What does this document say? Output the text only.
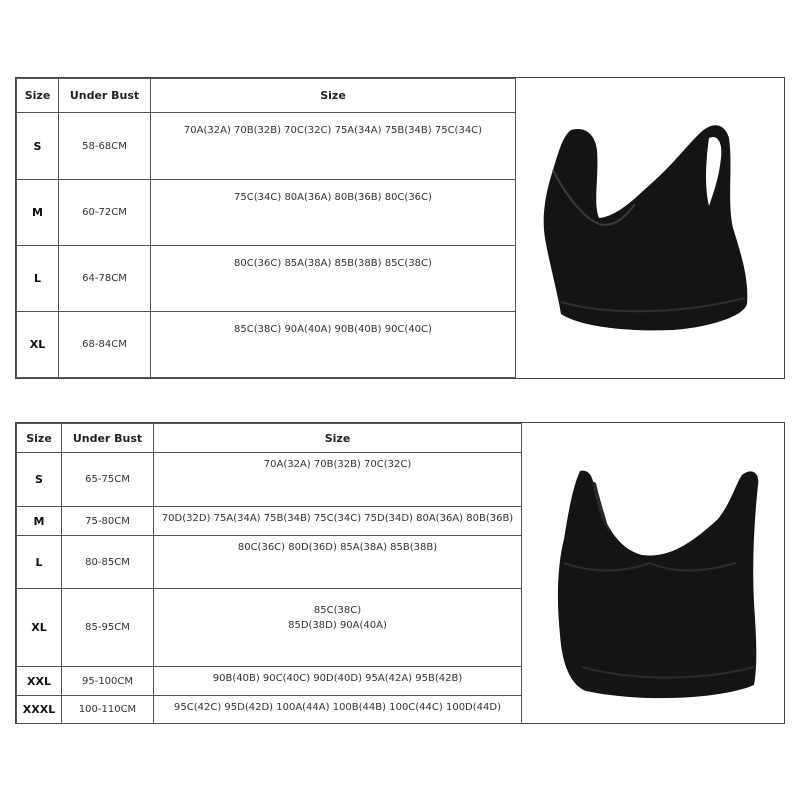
Size	Under Bust	Size
S	58-68CM	70A(32A) 70B(32B) 70C(32C) 75A(34A) 75B(34B) 75C(34C)

M	60-72CM	75C(34C) 80A(36A) 80B(36B) 80C(36C)

L	64-78CM	80C(36C) 85A(38A) 85B(38B) 85C(38C)

XL	68-84CM	85C(38C) 90A(40A) 90B(40B) 90C(40C)
Size	Under Bust	Size
S	65-75CM	70A(32A) 70B(32B) 70C(32C)

M	75-80CM	70D(32D) 75A(34A) 75B(34B) 75C(34C) 75D(34D) 80A(36A) 80B(36B)

L	80-85CM	80C(36C) 80D(36D) 85A(38A) 85B(38B)

XL	85-95CM	85C(38C)
85D(38D) 90A(40A)

XXL	95-100CM	90B(40B) 90C(40C) 90D(40D) 95A(42A) 95B(42B)

XXXL	100-110CM	95C(42C) 95D(42D) 100A(44A) 100B(44B) 100C(44C) 100D(44D)
